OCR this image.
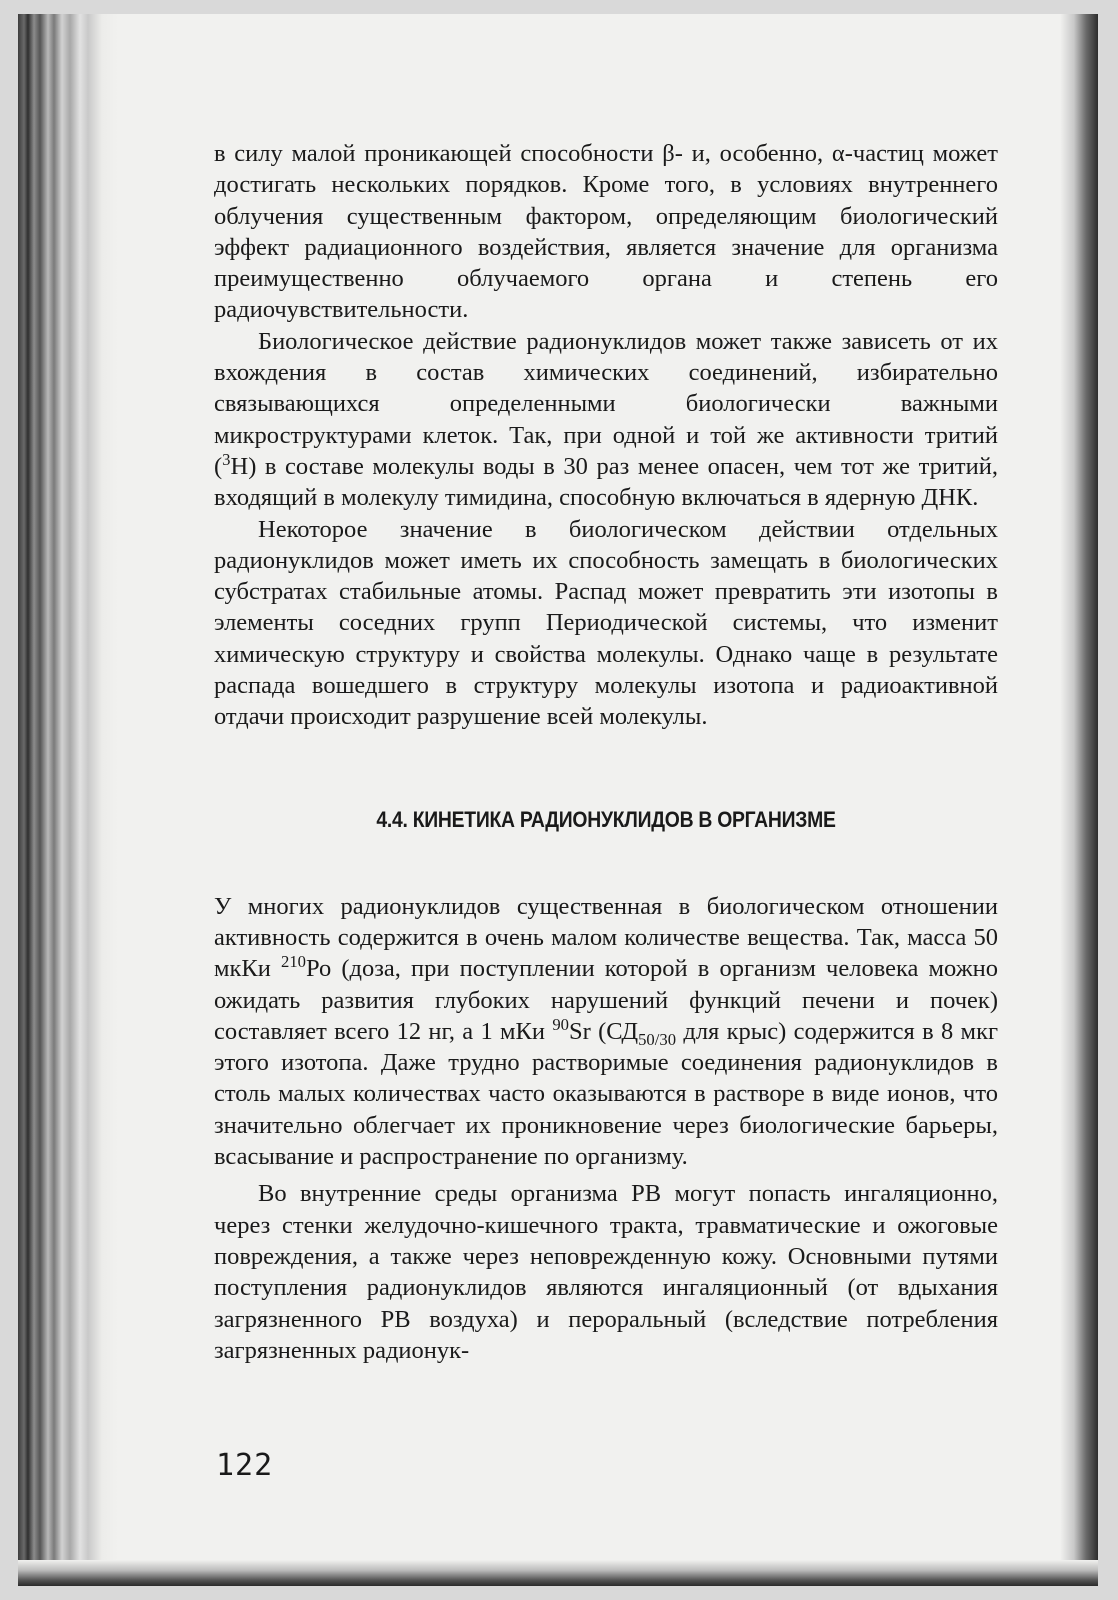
в силу малой проникающей способности β- и, особенно, α-частиц может достигать нескольких порядков. Кроме того, в условиях внутреннего облучения существенным фактором, определяющим биологический эффект радиационного воздействия, является значение для организма преимущественно облучаемого органа и степень его радиочувствительности.

Биологическое действие радионуклидов может также зависеть от их вхождения в состав химических соединений, избирательно связывающихся определенными биологически важными микроструктурами клеток. Так, при одной и той же активности тритий ($^3$Н) в составе молекулы воды в 30 раз менее опасен, чем тот же тритий, входящий в молекулу тимидина, способную включаться в ядерную ДНК.

Некоторое значение в биологическом действии отдельных радионуклидов может иметь их способность замещать в биологических субстратах стабильные атомы. Распад может превратить эти изотопы в элементы соседних групп Периодической системы, что изменит химическую структуру и свойства молекулы. Однако чаще в результате распада вошедшего в структуру молекулы изотопа и радиоактивной отдачи происходит разрушение всей молекулы.

4.4. КИНЕТИКА РАДИОНУКЛИДОВ В ОРГАНИЗМЕ

У многих радионуклидов существенная в биологическом отношении активность содержится в очень малом количестве вещества. Так, масса 50 мкКи $^{210}$Ро (доза, при поступлении которой в организм человека можно ожидать развития глубоких нарушений функций печени и почек) составляет всего 12 нг, а 1 мКи $^{90}$Sr ($СД_{50/30}$ для крыс) содержится в 8 мкг этого изотопа. Даже трудно растворимые соединения радионуклидов в столь малых количествах часто оказываются в растворе в виде ионов, что значительно облегчает их проникновение через биологические барьеры, всасывание и распространение по организму.

Во внутренние среды организма РВ могут попасть ингаляционно, через стенки желудочно-кишечного тракта, травматические и ожоговые повреждения, а также через неповрежденную кожу. Основными путями поступления радионуклидов являются ингаляционный (от вдыхания загрязненного РВ воздуха) и пероральный (вследствие потребления загрязненных радионук-

122
